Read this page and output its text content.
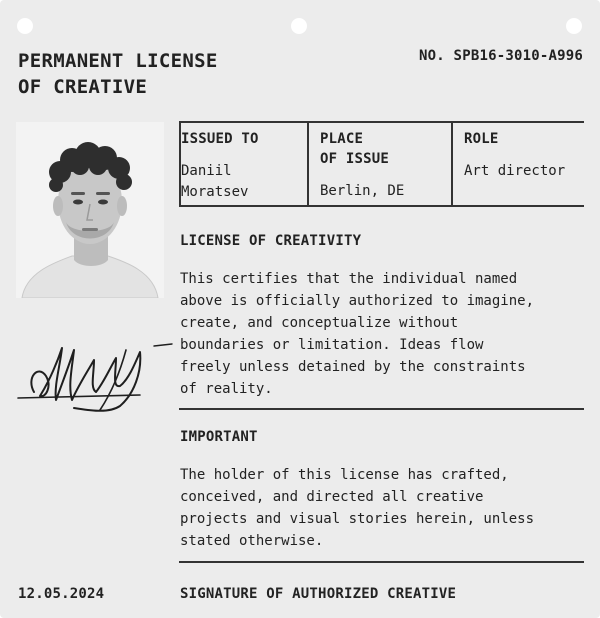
PERMANENT LICENSE
OF CREATIVE
NO. SPB16-3010-A996
ISSUED TO
Daniil
Moratsev
PLACE
OF ISSUE
Berlin, DE
ROLE
Art director
LICENSE OF CREATIVITY
This certifies that the individual named
above is officially authorized to imagine,
create, and conceptualize without
boundaries or limitation. Ideas flow
freely unless detained by the constraints
of reality.
IMPORTANT
The holder of this license has crafted,
conceived, and directed all creative
projects and visual stories herein, unless
stated otherwise.
12.05.2024	SIGNATURE OF AUTHORIZED CREATIVE
